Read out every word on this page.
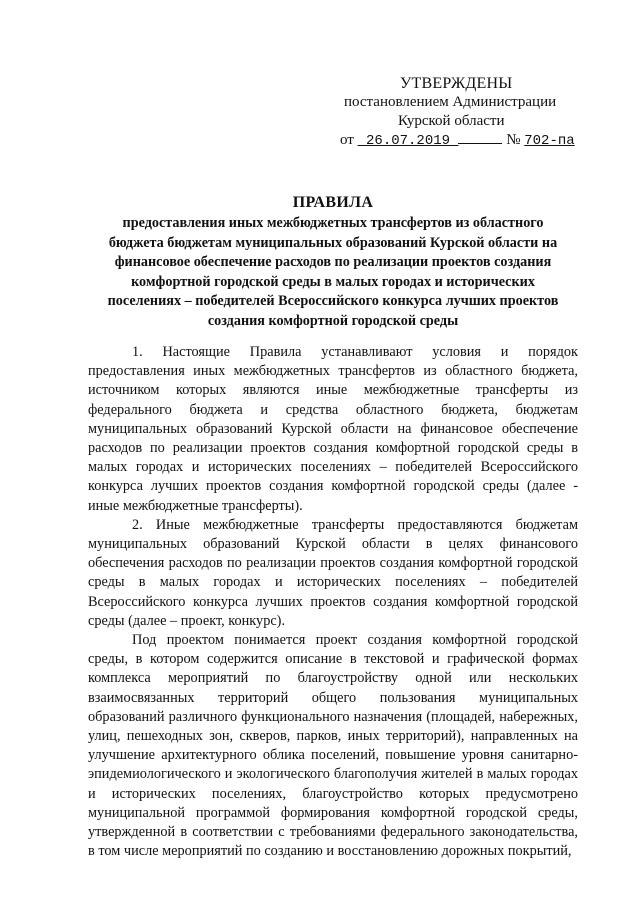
УТВЕРЖДЕНЫ
постановлением Администрации
Курской области
от 26.07.2019	№ 702-па
ПРАВИЛА
предоставления иных межбюджетных трансфертов из областного
бюджета бюджетам муниципальных образований Курской области на
финансовое обеспечение расходов по реализации проектов создания
комфортной городской среды в малых городах и исторических
поселениях – победителей Всероссийского конкурса лучших проектов
создания комфортной городской среды

1. Настоящие Правила устанавливают условия и порядок предоставления иных межбюджетных трансфертов из областного бюджета, источником которых являются иные межбюджетные трансферты из федерального бюджета и средства областного бюджета, бюджетам муниципальных образований Курской области на финансовое обеспечение расходов по реализации проектов создания комфортной городской среды в малых городах и исторических поселениях – победителей Всероссийского конкурса лучших проектов создания комфортной городской среды (далее - иные межбюджетные трансферты).

2. Иные межбюджетные трансферты предоставляются бюджетам муниципальных образований Курской области в целях финансового обеспечения расходов по реализации проектов создания комфортной городской среды в малых городах и исторических поселениях – победителей Всероссийского конкурса лучших проектов создания комфортной городской среды (далее – проект, конкурс).

Под проектом понимается проект создания комфортной городской среды, в котором содержится описание в текстовой и графической формах комплекса мероприятий по благоустройству одной или нескольких взаимосвязанных территорий общего пользования муниципальных образований различного функционального назначения (площадей, набережных, улиц, пешеходных зон, скверов, парков, иных территорий), направленных на улучшение архитектурного облика поселений, повышение уровня санитарно-эпидемиологического и экологического благополучия жителей в малых городах и исторических поселениях, благоустройство которых предусмотрено муниципальной программой формирования комфортной городской среды, утвержденной в соответствии с требованиями федерального законодательства, в том числе мероприятий по созданию и восстановлению дорожных покрытий,
